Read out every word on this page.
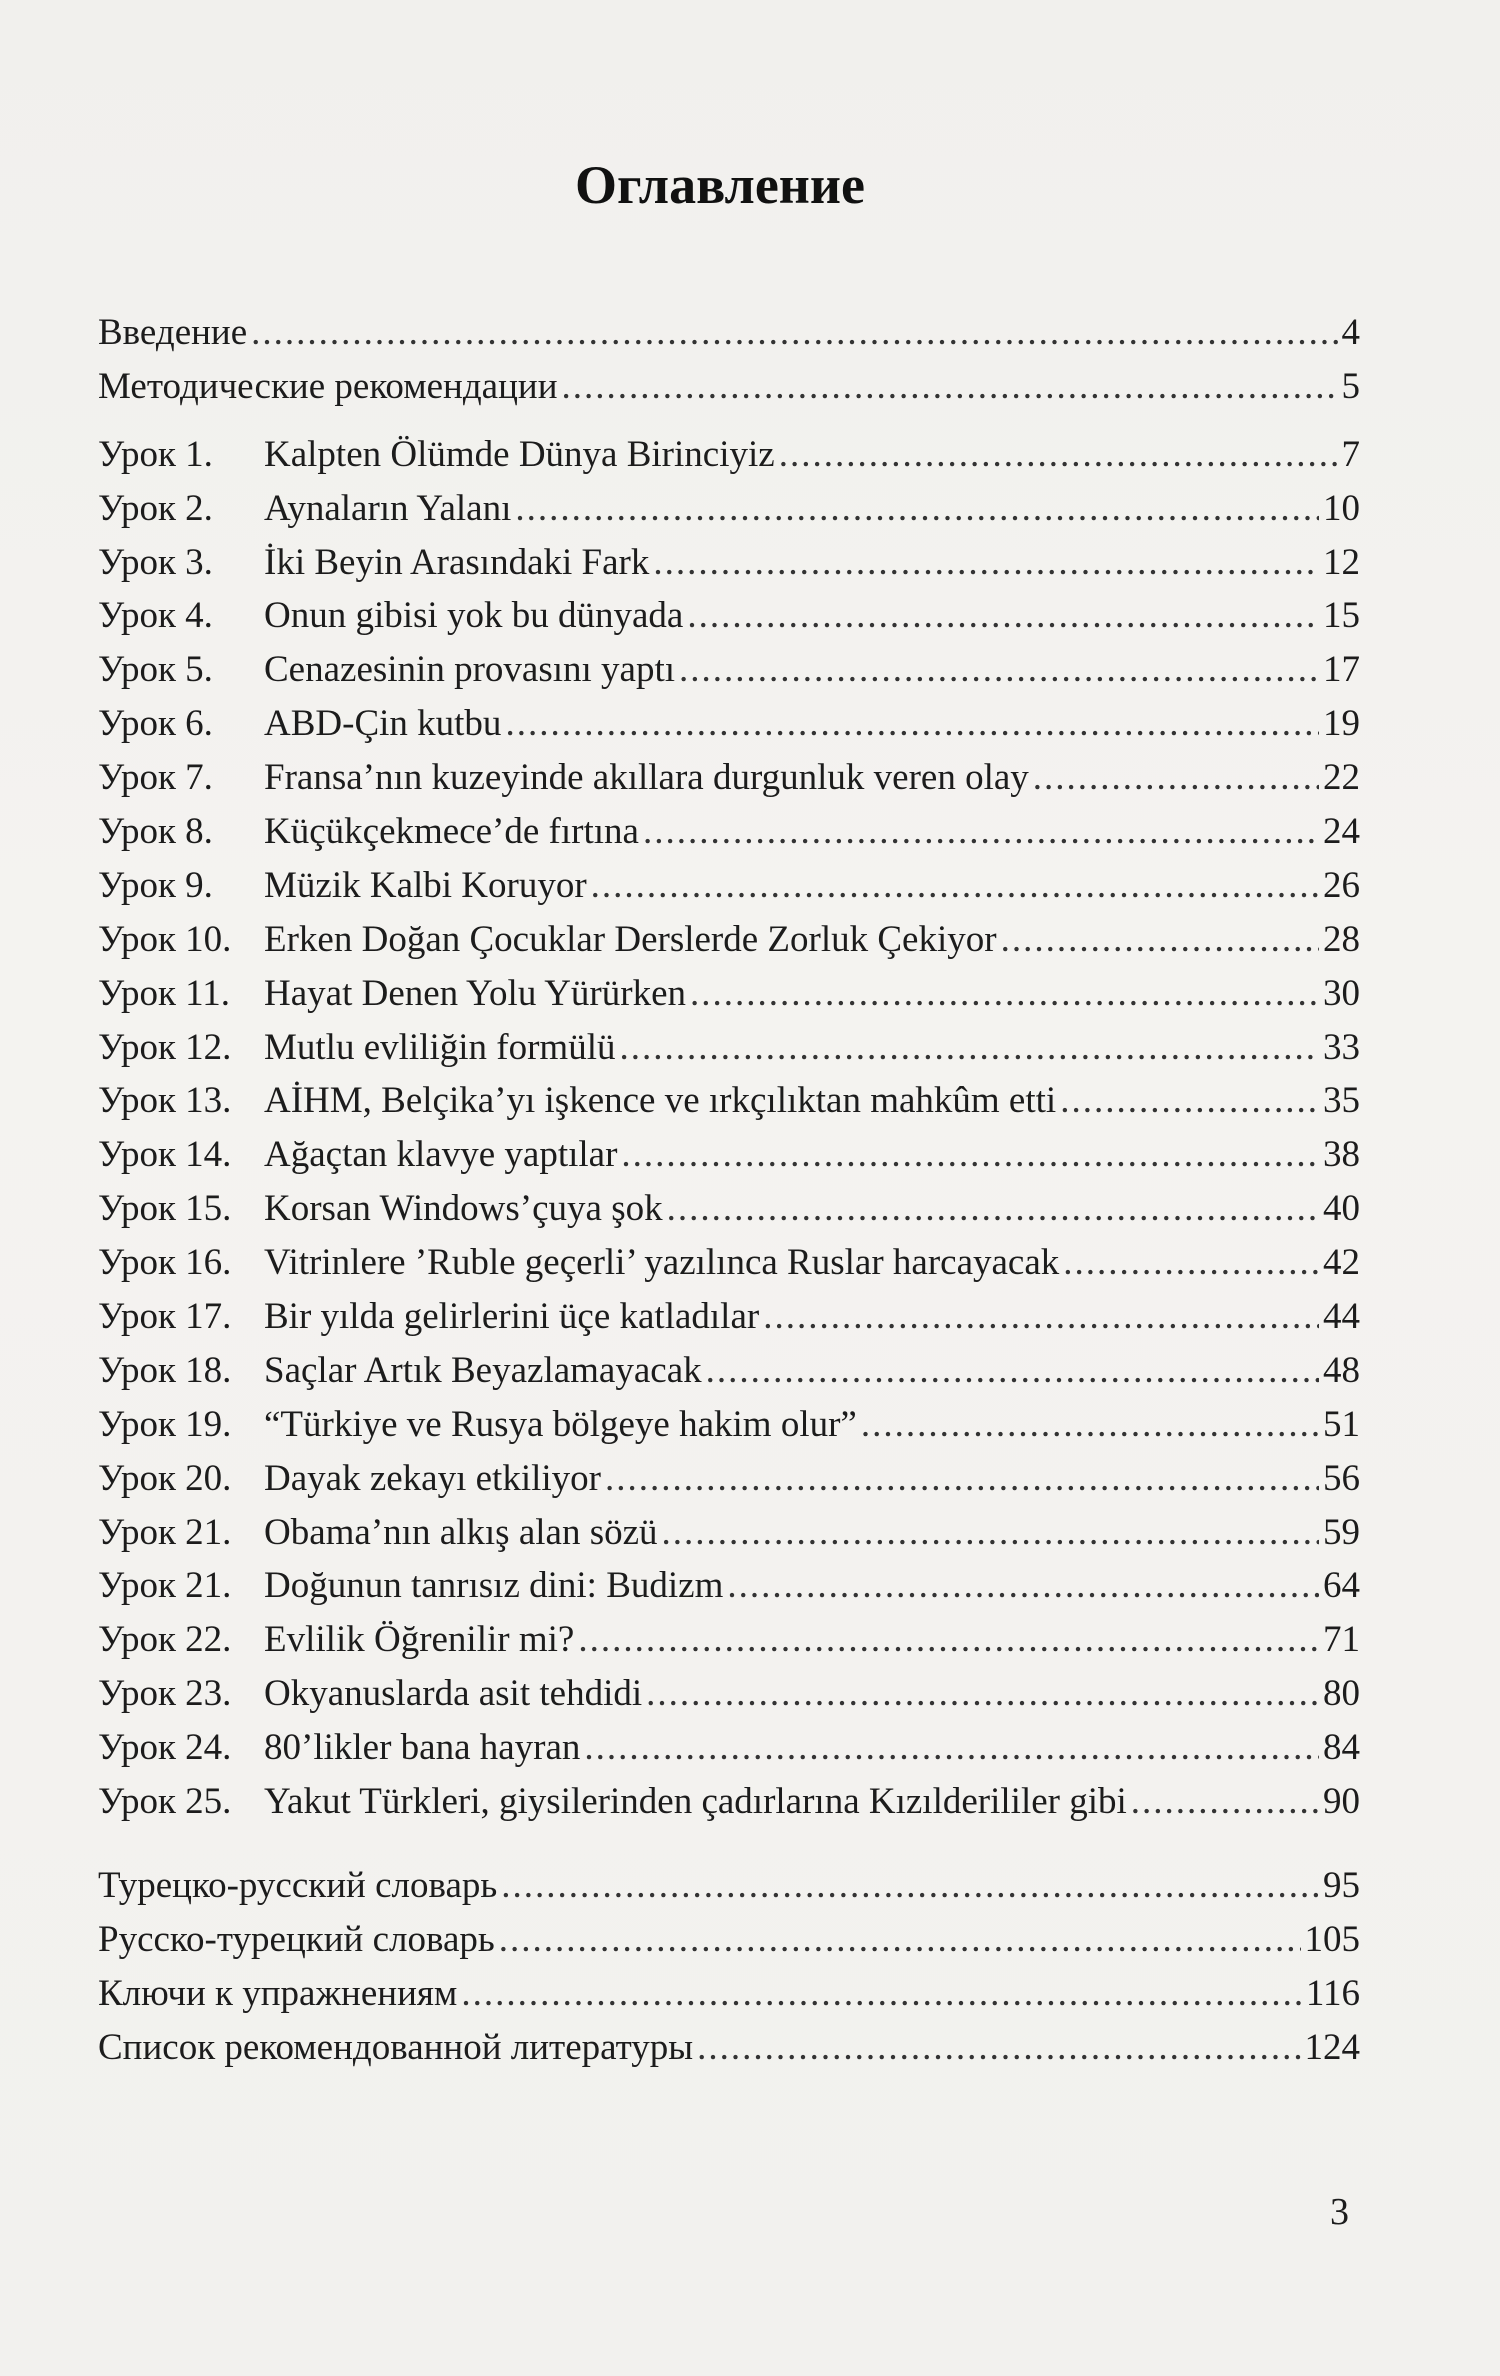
Оглавление
Введение .....	4
Методические рекомендации .....	5
Урок 1.	Kalpten Ölümde Dünya Birinciyiz .....	7
Урок 2.	Aynaların Yalanı .....	10
Урок 3.	İki Beyin Arasındaki Fark .....	12
Урок 4.	Onun gibisi yok bu dünyada .....	15
Урок 5.	Cenazesinin provasını yaptı .....	17
Урок 6.	ABD-Çin kutbu .....	19
Урок 7.	Fransa’nın kuzeyinde akıllara durgunluk veren olay .....	22
Урок 8.	Küçükçekmece’de fırtına .....	24
Урок 9.	Müzik Kalbi Koruyor .....	26
Урок 10. Erken Doğan Çocuklar Derslerde Zorluk Çekiyor .....	28
Урок 11. Hayat Denen Yolu Yürürken .....	30
Урок 12. Mutlu evliliğin formülü .....	33
Урок 13. AİHM, Belçika’yı işkence ve ırkçılıktan mahkûm etti .....	35
Урок 14. Ağaçtan klavye yaptılar .....	38
Урок 15. Korsan Windows’çuya şok .....	40
Урок 16. Vitrinlere ’Ruble geçerli’ yazılınca Ruslar harcayacak .....	42
Урок 17. Bir yılda gelirlerini üçe katladılar .....	44
Урок 18. Saçlar Artık Beyazlamayacak .....	48
Урок 19. “Türkiye ve Rusya bölgeye hakim olur” .....	51
Урок 20. Dayak zekayı etkiliyor .....	56
Урок 21. Obama’nın alkış alan sözü .....	59
Урок 21. Doğunun tanrısız dini: Budizm .....	64
Урок 22. Evlilik Öğrenilir mi? .....	71
Урок 23. Okyanuslarda asit tehdidi .....	80
Урок 24. 80’likler bana hayran .....	84
Урок 25. Yakut Türkleri, giysilerinden çadırlarına Kızılderililer gibi .....	90
Турецко-русский словарь .....	95
Русско-турецкий словарь .....	105
Ключи к упражнениям .....	116
Список рекомендованной литературы .....	124
3
